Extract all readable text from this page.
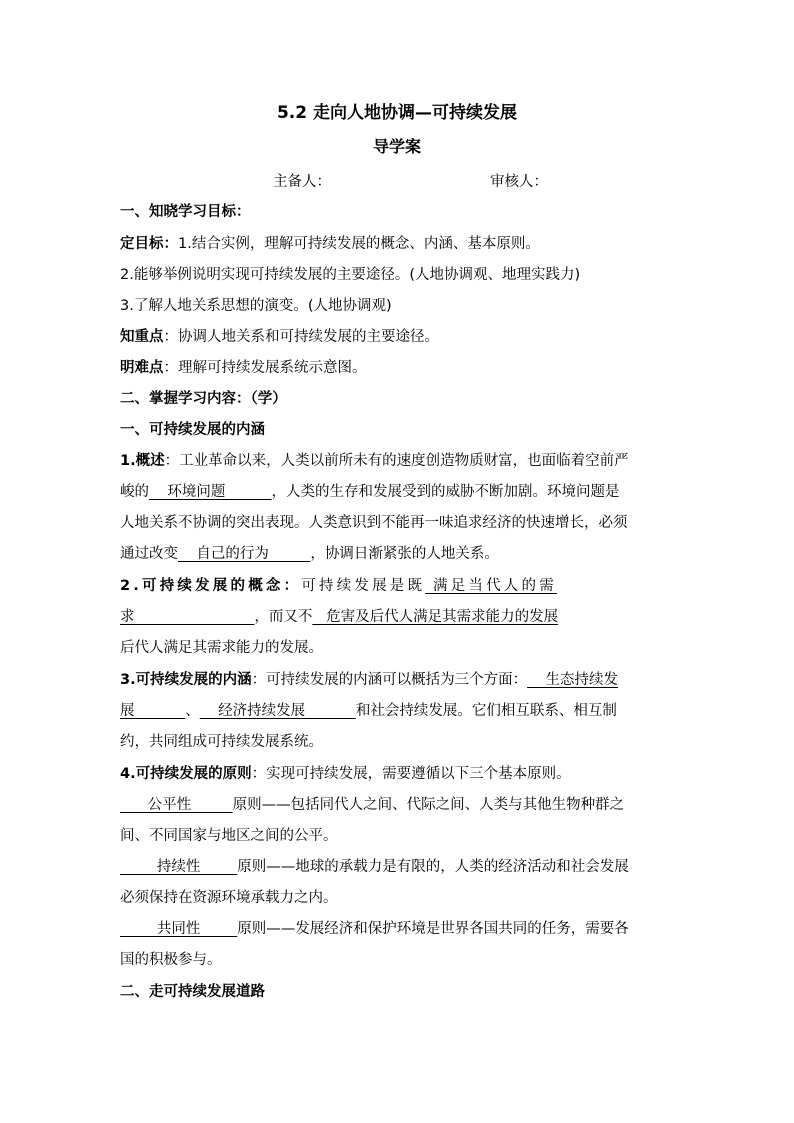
5.2 走向人地协调—可持续发展
导学案
主备人：	审核人：
一、知晓学习目标：
定目标：1.结合实例，理解可持续发展的概念、内涵、基本原则。
2.能够举例说明实现可持续发展的主要途径。(人地协调观、地理实践力)
3.了解人地关系思想的演变。(人地协调观)
知重点：协调人地关系和可持续发展的主要途径。
明难点：理解可持续发展系统示意图。
二、掌握学习内容：（学）
一、可持续发展的内涵
1.概述：工业革命以来，人类以前所未有的速度创造物质财富，也面临着空前严
峻的    环境问题          ，人类的生存和发展受到的威胁不断加剧。环境问题是
人地关系不协调的突出表现。人类意识到不能再一味追求经济的快速增长，必须
通过改变    自己的行为         ，协调日渐紧张的人地关系。
2.可持续发展的概念：可持续发展是既 满足当代人的需
求                          ，而又不   危害及后代人满足其需求能力的发展
后代人满足其需求能力的发展。
3.可持续发展的内涵：可持续发展的内涵可以概括为三个方面：    生态持续发
展           、    经济持续发展           和社会持续发展。它们相互联系、相互制
约，共同组成可持续发展系统。
4.可持续发展的原则：实现可持续发展，需要遵循以下三个基本原则。
公平性         原则——包括同代人之间、代际之间、人类与其他生物种群之
间、不同国家与地区之间的公平。
持续性        原则——地球的承载力是有限的，人类的经济活动和社会发展
必须保持在资源环境承载力之内。
共同性        原则——发展经济和保护环境是世界各国共同的任务，需要各
国的积极参与。
二、走可持续发展道路
